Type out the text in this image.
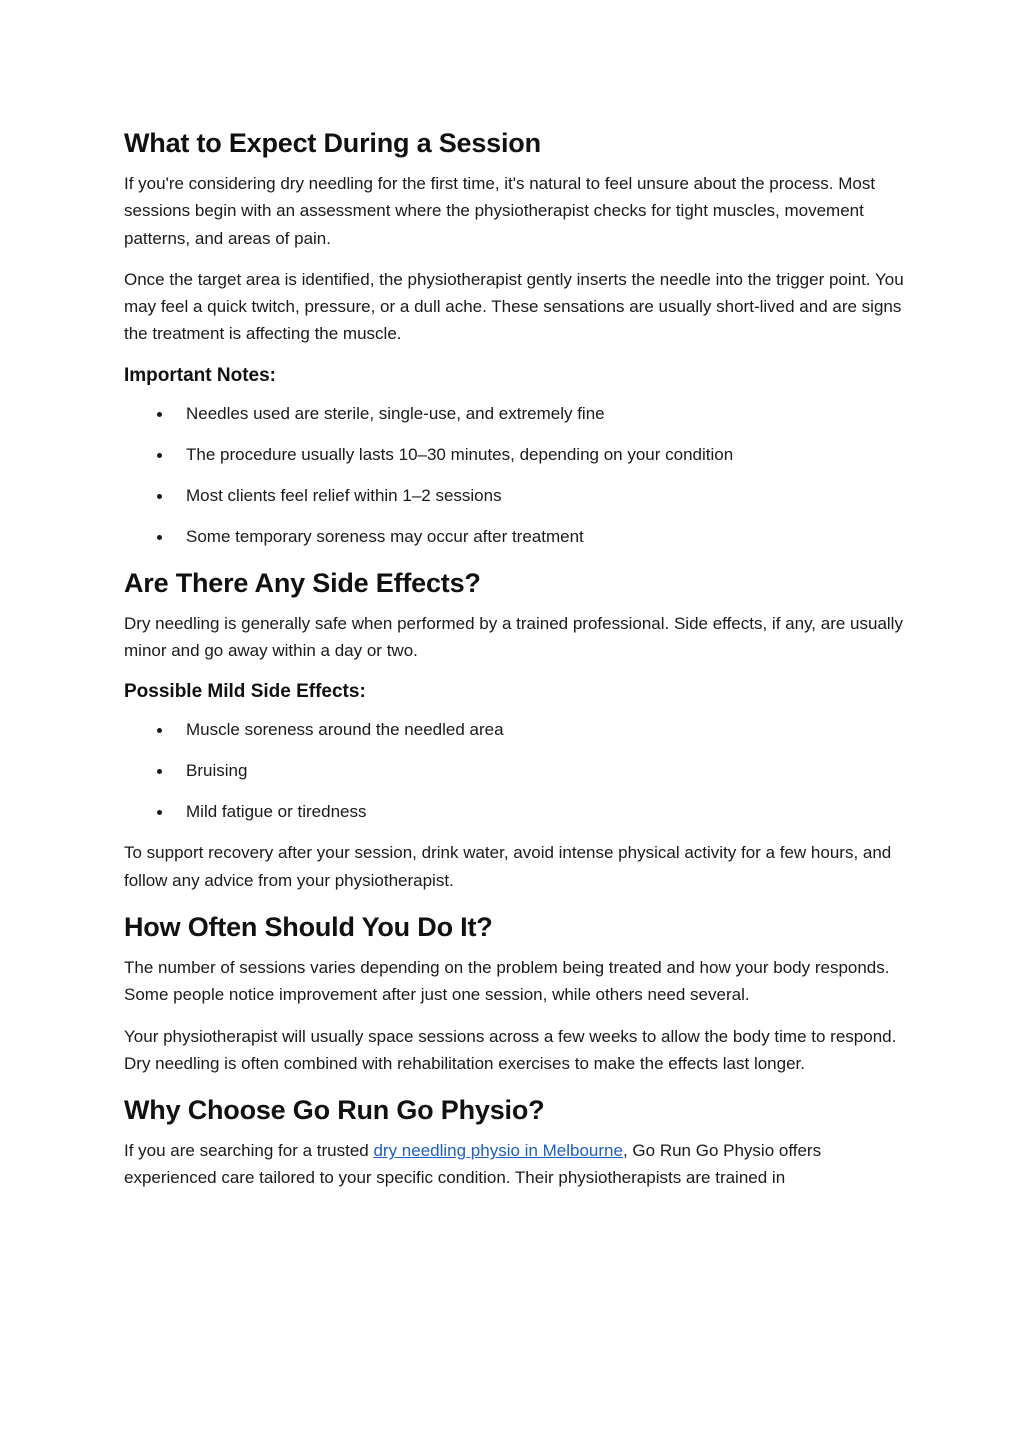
What to Expect During a Session

If you're considering dry needling for the first time, it's natural to feel unsure about the process. Most sessions begin with an assessment where the physiotherapist checks for tight muscles, movement patterns, and areas of pain.

Once the target area is identified, the physiotherapist gently inserts the needle into the trigger point. You may feel a quick twitch, pressure, or a dull ache. These sensations are usually short-lived and are signs the treatment is affecting the muscle.

Important Notes:
Needles used are sterile, single-use, and extremely fine
The procedure usually lasts 10–30 minutes, depending on your condition
Most clients feel relief within 1–2 sessions
Some temporary soreness may occur after treatment
Are There Any Side Effects?

Dry needling is generally safe when performed by a trained professional. Side effects, if any, are usually minor and go away within a day or two.

Possible Mild Side Effects:
Muscle soreness around the needled area
Bruising
Mild fatigue or tiredness

To support recovery after your session, drink water, avoid intense physical activity for a few hours, and follow any advice from your physiotherapist.

How Often Should You Do It?

The number of sessions varies depending on the problem being treated and how your body responds. Some people notice improvement after just one session, while others need several.

Your physiotherapist will usually space sessions across a few weeks to allow the body time to respond. Dry needling is often combined with rehabilitation exercises to make the effects last longer.

Why Choose Go Run Go Physio?

If you are searching for a trusted dry needling physio in Melbourne, Go Run Go Physio offers experienced care tailored to your specific condition. Their physiotherapists are trained in
